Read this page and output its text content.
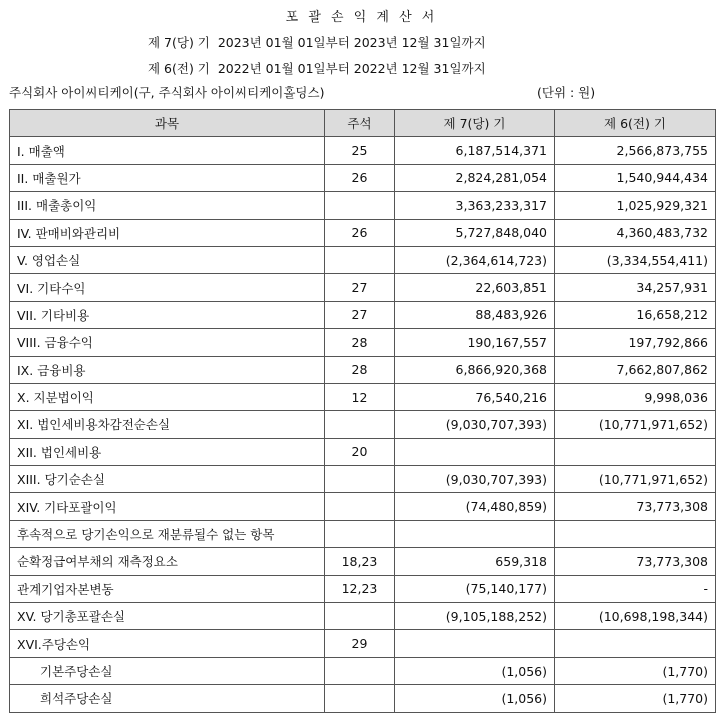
포 괄 손 익 계 산 서
제 7(당) 기  2023년 01월 01일부터 2023년 12월 31일까지
제 6(전) 기  2022년 01월 01일부터 2022년 12월 31일까지
주식회사 아이씨티케이(구, 주식회사 아이씨티케이홀딩스)	(단위 : 원)
과목	주석	제 7(당) 기	제 6(전) 기
I. 매출액	25	6,187,514,371	2,566,873,755
II. 매출원가	26	2,824,281,054	1,540,944,434
III. 매출총이익		3,363,233,317	1,025,929,321
IV. 판매비와관리비	26	5,727,848,040	4,360,483,732
V. 영업손실		(2,364,614,723)	(3,334,554,411)
VI. 기타수익	27	22,603,851	34,257,931
VII. 기타비용	27	88,483,926	16,658,212
VIII. 금융수익	28	190,167,557	197,792,866
IX. 금융비용	28	6,866,920,368	7,662,807,862
X. 지분법이익	12	76,540,216	9,998,036
XI. 법인세비용차감전순손실		(9,030,707,393)	(10,771,971,652)
XII. 법인세비용	20		
XIII. 당기순손실		(9,030,707,393)	(10,771,971,652)
XIV. 기타포괄이익		(74,480,859)	73,773,308
후속적으로 당기손익으로 재분류될수 없는 항목			
순확정급여부채의 재측정요소	18,23	659,318	73,773,308
관계기업자본변동	12,23	(75,140,177)	-
XV. 당기총포괄손실		(9,105,188,252)	(10,698,198,344)
XVI.주당손익	29		
기본주당손실		(1,056)	(1,770)
희석주당손실		(1,056)	(1,770)
